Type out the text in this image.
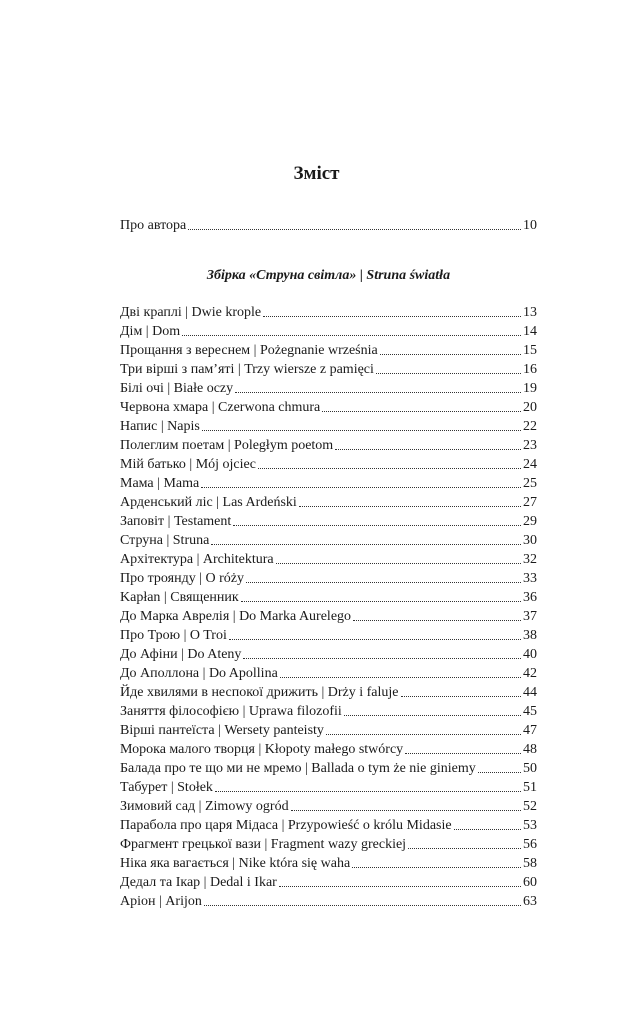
Зміст
Про автора	10
Збірка «Струна світла» | Struna światła
Дві краплі | Dwie krople	13
Дім | Dom	14
Прощання з вереснем | Pożegnanie września	15
Три вірші з пам’яті | Trzy wiersze z pamięci	16
Білі очі | Białe oczy	19
Червона хмара | Czerwona chmura	20
Напис | Napis	22
Полеглим поетам | Poległym poetom	23
Мій батько | Mój ojciec	24
Мама | Mama	25
Арденський ліс | Las Ardeński	27
Заповіт | Testament	29
Струна | Struna	30
Архітектура | Architektura	32
Про троянду | O róży	33
Kapłan | Священник	36
До Марка Аврелія | Do Marka Aurelego	37
Про Трою | O Troi	38
До Афіни | Do Ateny	40
До Аполлона | Do Apollina	42
Йде хвилями в неспокої дрижить | Drży i faluje	44
Заняття філософією | Uprawa filozofii	45
Вірші пантеїста | Wersety panteisty	47
Морока малого творця | Kłopoty małego stwórcy	48
Балада про те що ми не мремо | Ballada o tym że nie giniemy	50
Табурет | Stołek	51
Зимовий сад | Zimowy ogród	52
Парабола про царя Мідаса | Przypowieść o królu Midasie	53
Фрагмент грецької вази | Fragment wazy greckiej	56
Ніка яка вагається | Nike która się waha	58
Дедал та Ікар | Dedal i Ikar	60
Аріон | Arijon	63
